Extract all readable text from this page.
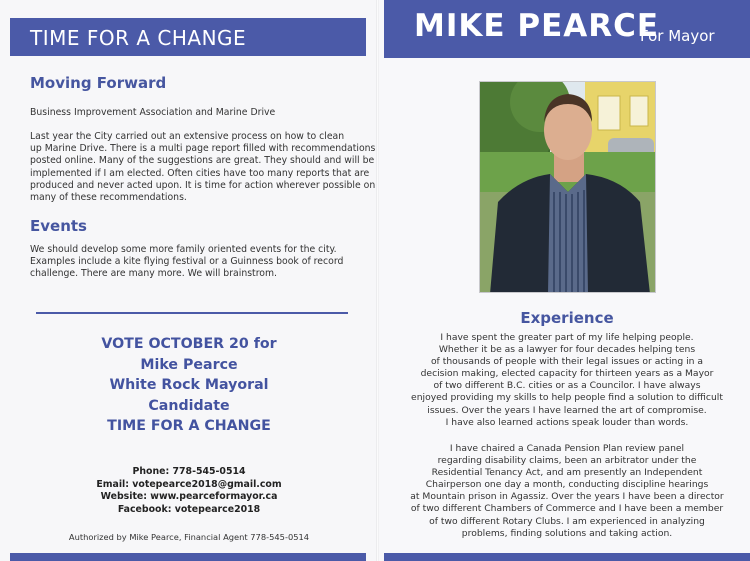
TIME FOR A CHANGE
Moving Forward
Business Improvement Association and Marine Drive
Last year the City carried out an extensive process on how to clean
up Marine Drive. There is a multi page report filled with recommendations
posted online. Many of the suggestions are great. They should and will be
implemented if I am elected. Often cities have too many reports that are
produced and never acted upon. It is time for action wherever possible on
many of these recommendations.
Events
We should develop some more family oriented events for the city.
Examples include a kite flying festival or a Guinness book of record
challenge. There are many more. We will brainstrom.
VOTE OCTOBER 20 for
Mike Pearce
White Rock Mayoral
Candidate
TIME FOR A CHANGE
Phone: 778-545-0514
Email: votepearce2018@gmail.com
Website: www.pearceformayor.ca
Facebook: votepearce2018
Authorized by Mike Pearce, Financial Agent 778-545-0514
MIKE PEARCE
For Mayor
Experience
I have spent the greater part of my life helping people.
Whether it be as a lawyer for four decades helping tens
of thousands of people with their legal issues or acting in a
decision making, elected capacity for thirteen years as a Mayor
of two different B.C. cities or as a Councilor. I have always
enjoyed providing my skills to help people find a solution to difficult
issues. Over the years I have learned the art of compromise.
I have also learned actions speak louder than words.
I have chaired a Canada Pension Plan review panel
regarding disability claims, been an arbitrator under the
Residential Tenancy Act, and am presently an Independent
Chairperson one day a month, conducting discipline hearings
at Mountain prison in Agassiz. Over the years I have been a director
of two different Chambers of Commerce and I have been a member
of two different Rotary Clubs. I am experienced in analyzing
problems, finding solutions and taking action.
